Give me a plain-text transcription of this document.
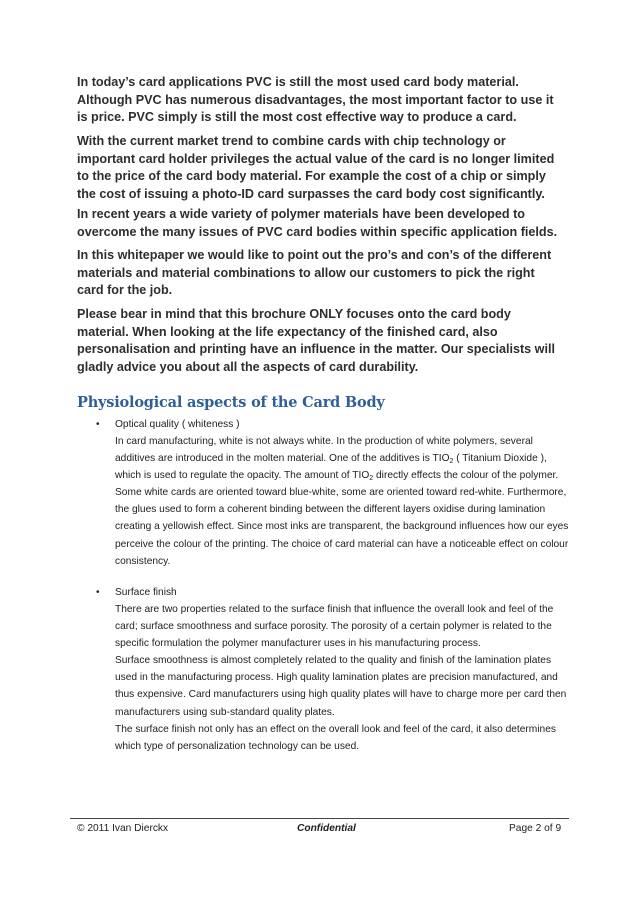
In today’s card applications PVC is still the most used card body material. Although PVC has numerous disadvantages, the most important factor to use it is price. PVC simply is still the most cost effective way to produce a card.

With the current market trend to combine cards with chip technology or important card holder privileges the actual value of the card is no longer limited to the price of the card body material. For example the cost of a chip or simply the cost of issuing a photo-ID card surpasses the card body cost significantly.

In recent years a wide variety of polymer materials have been developed to overcome the many issues of PVC card bodies within specific application fields.

In this whitepaper we would like to point out the pro’s and con’s of the different materials and material combinations to allow our customers to pick the right card for the job.

Please bear in mind that this brochure ONLY focuses onto the card body material. When looking at the life expectancy of the finished card, also personalisation and printing have an influence in the matter. Our specialists will gladly advice you about all the aspects of card durability.

Physiological aspects of the Card Body
• Optical quality ( whiteness )

In card manufacturing, white is not always white. In the production of white polymers, several additives are introduced in the molten material. One of the additives is $TIO_2$ ( Titanium Dioxide ), which is used to regulate the opacity. The amount of $TIO_2$ directly effects the colour of the polymer. Some white cards are oriented toward blue-white, some are oriented toward red-white. Furthermore, the glues used to form a coherent binding between the different layers oxidise during lamination creating a yellowish effect. Since most inks are transparent, the background influences how our eyes perceive the colour of the printing. The choice of card material can have a noticeable effect on colour consistency.

• Surface finish

There are two properties related to the surface finish that influence the overall look and feel of the card; surface smoothness and surface porosity. The porosity of a certain polymer is related to the specific formulation the polymer manufacturer uses in his manufacturing process.
Surface smoothness is almost completely related to the quality and finish of the lamination plates used in the manufacturing process. High quality lamination plates are precision manufactured, and thus expensive. Card manufacturers using high quality plates will have to charge more per card then manufacturers using sub-standard quality plates.
The surface finish not only has an effect on the overall look and feel of the card, it also determines which type of personalization technology can be used.

© 2011 Ivan Dierckx	Confidential	Page 2 of 9
